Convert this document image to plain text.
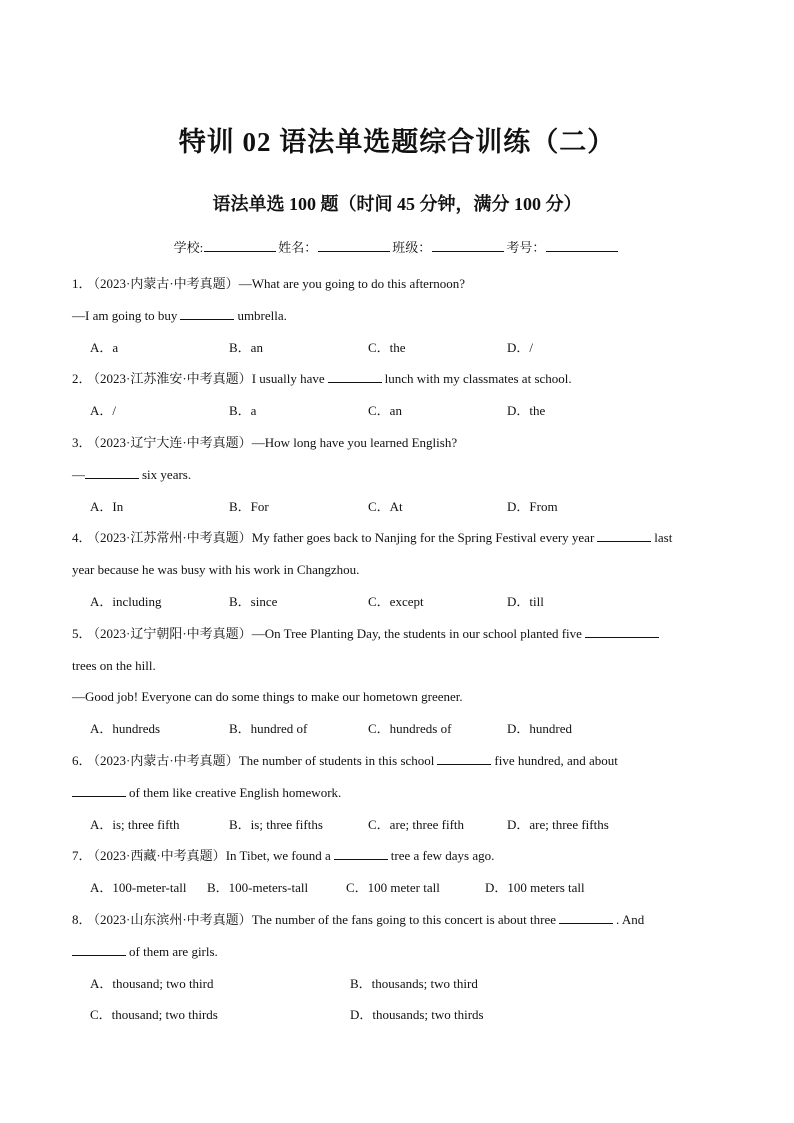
特训 02 语法单选题综合训练（二）
语法单选 100 题（时间 45 分钟，满分 100 分）
学校:	姓名：	班级：	考号：
1． （2023·内蒙古·中考真题）—What are you going to do this afternoon?
—I am going to buy	umbrella.
A．a	B．an	C．the	D．/
2． （2023·江苏淮安·中考真题）I usually have	lunch with my classmates at school.
A．/	B．a	C．an	D．the
3． （2023·辽宁大连·中考真题）—How long have you learned English?
—	six years.
A．In	B．For	C．At	D．From
4． （2023·江苏常州·中考真题）My father goes back to Nanjing for the Spring Festival every year	last
year because he was busy with his work in Changzhou.
A．including	B．since	C．except	D．till
5． （2023·辽宁朝阳·中考真题）—On Tree Planting Day, the students in our school planted five
trees on the hill.
—Good job! Everyone can do some things to make our hometown greener.
A．hundreds	B．hundred of	C．hundreds of	D．hundred
6． （2023·内蒙古·中考真题）The number of students in this school	five hundred, and about
of them like creative English homework.
A．is; three fifth	B．is; three fifths	C．are; three fifth	D．are; three fifths
7． （2023·西藏·中考真题）In Tibet, we found a	tree a few days ago.
A．100-meter-tall	B．100-meters-tall	C．100 meter tall	D．100 meters tall
8． （2023·山东滨州·中考真题）The number of the fans going to this concert is about three	. And
of them are girls.
A．thousand; two third	B．thousands; two third
C．thousand; two thirds	D．thousands; two thirds
